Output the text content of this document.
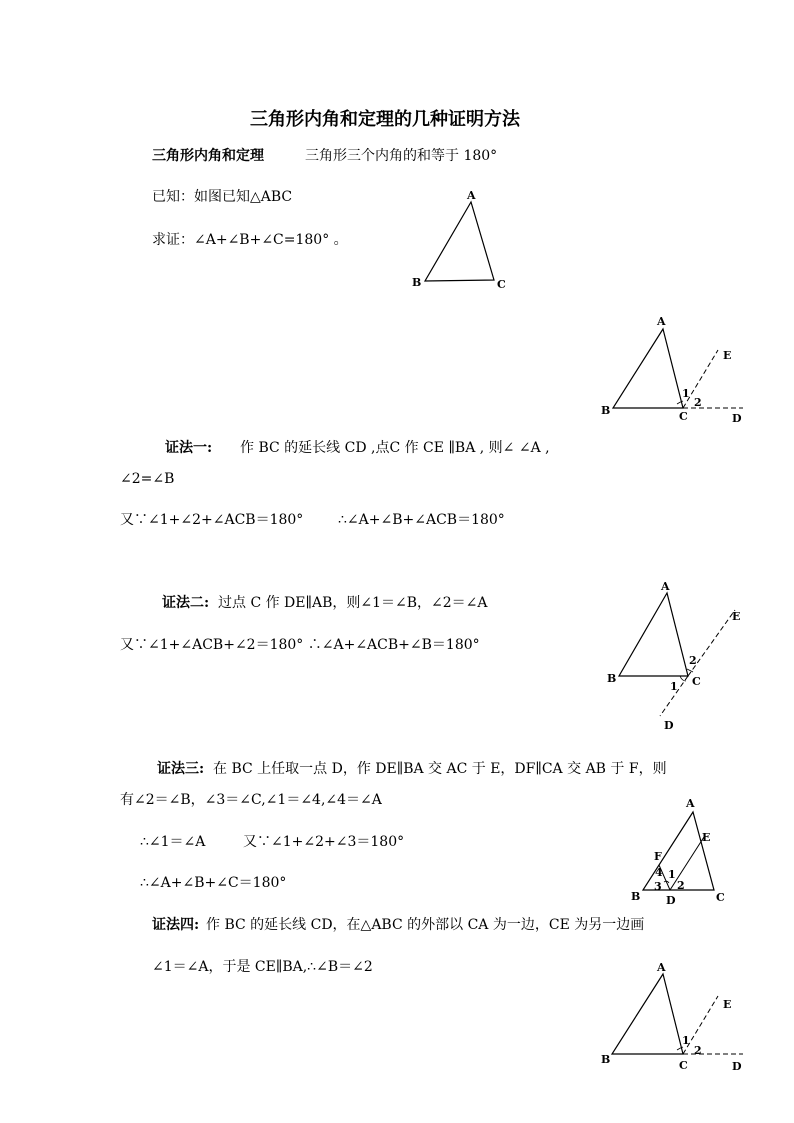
三角形内角和定理的几种证明方法
三角形内角和定理	三角形三个内角的和等于 180°
已知：如图已知△ABC
求证：∠A+∠B+∠C=180° 。
A
B	C
A
B	C	D
E
1
2
证法一: 作 BC 的延长线 CD ,点C 作 CE ∥BA , 则∠ ∠A ,
∠2=∠B
又∵∠1+∠2+∠ACB＝180° ∴∠A+∠B+∠ACB＝180°
A
B	C
D
E
1
2
证法二: 过点 C 作 DE∥AB，则∠1＝∠B，∠2＝∠A
又∵∠1+∠ACB+∠2＝180° ∴∠A+∠ACB+∠B＝180°
证法三: 在 BC 上任取一点 D，作 DE∥BA 交 AC 于 E，DF∥CA 交 AB 于 F，则
有∠2＝∠B，∠3＝∠C,∠1＝∠4,∠4＝∠A
∴∠1＝∠A	又∵∠1+∠2+∠3＝180°
∴∠A+∠B+∠C＝180°
A
B	C
D
E
F
1
2
3
4
证法四: 作 BC 的延长线 CD，在△ABC 的外部以 CA 为一边，CE 为另一边画
∠1＝∠A，于是 CE∥BA,∴∠B＝∠2	A
B	C	D
E
1
2
